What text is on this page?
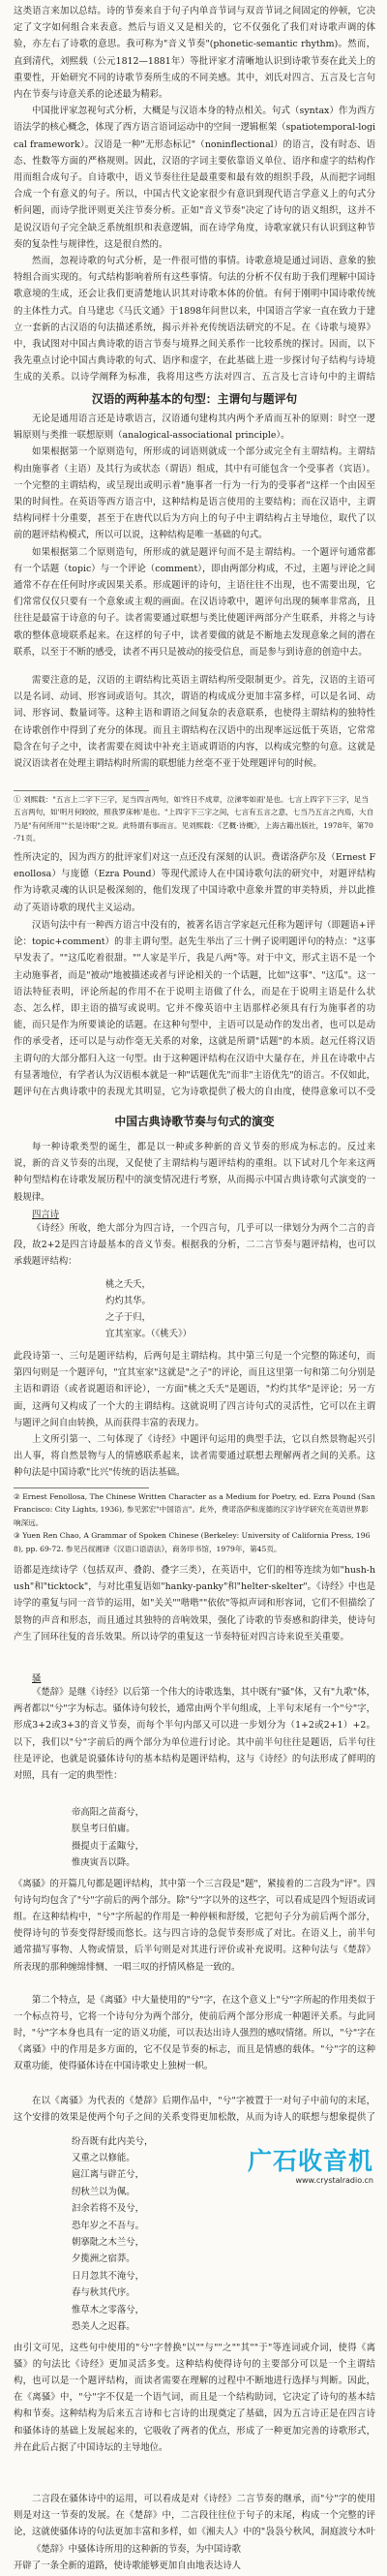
这类语言来加以总结。诗的节奏来自于句子内单音节词与双音节词之间固定的停顿，它决定了文字如何组合来表意。然后与语义又是相关的，它不仅强化了我们对诗歌声调的体验，亦左右了诗歌的意思。我可称为"音义节奏"(phonetic-semantic rhythm)。然而，直到清代，刘熙载（公元1812—1881年）等批评家才清晰地认识到诗歌节奏在此关上的重要性，开始研究不同的诗歌节奏所生成的不同美感。其中，刘氏对四言、五言及七言句内在节奏与诗意关系的论述最为精彩。

中国批评家忽视句式分析，大概是与汉语本身的特点相关。句式（syntax）作为西方语法学的核心概念，体现了西方语言语词运动中的空间一逻辑框架（spatiotemporal-logical framework）。汉语是一种"无形态标记"（noninflectional）的语言，没有时态、语态、性数等方面的严格规则。因此，汉语的字词主要依靠语义单位、语序和虚字的结构作用而组合成句子。自诗歌中，语义节奏往往是最重要和最有效的组织手段，从而把字词组合成一个有意义的句子。所以，中国古代文论家很少有意识到现代语言学意义上的句式分析问题，而诗学批评则更关注节奏分析。正如"音义节奏"决定了诗句的语义组织，这并不是说汉语句子完全缺乏系统组织和表意逻辑，而在诗学角度，诗歌家就只有认识到这种节奏的复杂性与规律性，这是很自然的。

然而，忽视诗歌的句式分析，是一件很可惜的事情。诗歌意境是通过词语、意象的独特组合而实现的。句式结构影响着所有这些事情。句法的分析不仅有助于我们理解中国诗歌意境的生成，还会让我们更清楚地认识其对诗歌本体的价值。有何于刚明中国诗歌传统的主体性力式。自马建忠《马氏文通》于1898年问世以来，中国语言学家一直在致力于建立一套新的古汉语的句法描述系统，揭示并补充传统语法研究的不足。在《诗歌与境界》中，我试图对中国古典诗歌的语言节奏与境界之间关系作一比较系统的探讨。因而，以下我先重点讨论中国古典诗歌的句式、语序和虚字，在此基础上进一步探讨句子结构与诗境生成的关系。以诗学阐释为标准，我将用这些方法对四言、五言及七言诗句中的主谓结

汉语的两种基本的句型：主谓句与题评句

无论是通用语言还是诗歌语言，汉语通句建构其内两个矛盾而互补的原则：时空一逻辑原则与类推一联想原则（analogical-associational principle）。

如果根据第一个原则造句，所形成的词语则就成一个部分或完全有主谓结构。主谓结构由施事者（主语）及其行为或状态（谓语）组成，其中有可能包含一个受事者（宾语）。一个完整的主谓结构，或呈现出或明示着"施事者一行为一行为的受事者"这样一个由因至果的时间性。在英语等西方语言中，这种结构是语言使用的主要结构；而在汉语中，主谓结构同样十分重要，甚至于在唐代以后为方向上的句子中主谓结构占主导地位，取代了以前的题评结构模式，所以可以说，这种结构是唯一基础的句式。

如果根据第二个原则造句，所形成的就是题评句而不是主谓结构。一个题评句通常都有一个话题（topic）与一个评论（comment），即由两部分构成，不过，主题与评论之间通常不存在任何时序或因果关系。形成题评的诗句，主语往往不出现，也不需要出现，它们常常仅仅只要有一个意象或主观的画面。在汉语诗歌中，题评句出现的频率非常高，且往往是最富于诗意的句子。读者需要通过联想与类比使题评两部分产生联系，并将之与诗歌的整体意境联系起来。在这样的句子中，读者要做的就是不断地去发现意象之间的潜在联系，以至于不断的感受，读者不再只是被动的接受信息，而是参与到诗意的创造中去。

需要注意的是，汉语的主谓结构比英语主谓结构所受限制更少。首先，汉语的主语可以是名词、动词、形容词或语句。其次，谓语的构成成分更加丰富多样，可以是名词、动词、形容词、数量词等。这种主语和谓语之间复杂的表意联系，也使得主谓结构的独特性在诗歌创作中得到了充分的体现。而且主谓结构在汉语中的出现率远远低于英语，它常常隐含在句子之中，读者需要在阅读中补充主语或谓语的内容，以构成完整的句意。这就是说汉语读者在处理主谓结构时所需的联想能力丝毫不亚于处理题评句的时候。

① 刘熙载："五言上二字下三字，足当四言两句，如'终日不成章，泣涕零如雨'是也。七言上四字下三字，足当五言两句，如'明月何皎皎，照我罗床帏'是也。"上四字下三字之间，七言有五言之意，七当乃五言之内焉，大自乃是"有何所用""长是诗眼"之说。此特谓有事而言。见刘熙载：《艺概·诗概》，上海古籍出版社，1978年，第70-71页。

性所决定的，因为西方的批评家们对这一点还没有深刻的认识。费诺洛萨尔及（Ernest Fenollosa）与庞德（Ezra Pound）等现代派诗人在中国诗歌句法的研究中，对题评结构作为诗歌灵魂的认识是极深刻的，他们发现了中国诗歌中意象并置的审美特质，并以此推动了英语诗歌的现代主义运动。

汉语句法中有一种西方语言中没有的，被著名语言学家赵元任称为题评句（即题语+评论：topic+comment）的非主谓句型。赵先生举出了三十例子说明题评句的特点："这事早发表了。""这瓜吃着很甜。""人家是半斤，我是八两"等。对于中文，形式主语不是一个主动施事者，而是"被动"地被描述或者与评论相关的一个话题，比如"这事"、"这瓜"。这一语法特征表明，评论所起的作用不在于说明主语做了什么，而是在于说明主语是什么状态、怎么样，即主语的描写或说明。它并不像英语中主语那样必须具有行为施事者的功能，而只是作为所要谈论的话题。在这种句型中，主语可以是动作的发出者，也可以是动作的承受者，还可以是与动作毫无关系的对象，这就是所谓"话题"的本质。赵元任将汉语主谓句的大部分都归入这一句型。由于这种题评结构在汉语中大量存在，并且在诗歌中占有显著地位，有学者认为汉语根本就是一种"话题优先"而非"主语优先"的语言。不仅如此，题评句在古典诗歌中的表现尤其明显，它为诗歌提供了极大的自由度，使得意象可以不受

中国古典诗歌节奏与句式的演变

每一种诗歌类型的诞生，都是以一种或多种新的音义节奏的形成为标志的。反过来说，新的音义节奏的出现，又促使了主谓结构与题评结构的重组。以下试对几个年来这两种句型结构在诗歌发展历程中的演变情况进行考察，从而揭示中国古典诗歌句式演变的一般规律。

四言诗

《诗经》所收，绝大部分为四言诗，一个四言句，几乎可以一律划分为两个二言的音段，故2+2是四言诗最基本的音义节奏。根据我的分析，二二言节奏与题评结构，也可以承载题评结构：

桃之夭夭，
灼灼其华。
之子于归，
宜其室家。（《桃夭》）

此段诗第一、三句是题评结构，后两句是主谓结构。其中第三句是一个完整的陈述句，而第四句则是一个题评句，"宜其室家"这就是"之子"的评论，而且这里第一句和第二句分别是主语和谓语（或者说题语和评论），一方面"桃之夭夭"是题语，"灼灼其华"是评论；另一方面，这两句又构成了一个大的主谓结构。这就说明了四言诗句式的灵活性，它可以在主谓与题评之间自由转换，从而获得丰富的表现力。

上文所引第一、二句体现了《诗经》中题评句运用的典型手法，它以自然景物起兴引出人事，将自然景物与人的情感联系起来，读者需要通过联想去理解两者之间的关系。这种句法是中国诗歌"比兴"传统的语法基础。

② Ernest Fenollosa, The Chinese Written Character as a Medium for Poetry, ed. Ezra Pound (San Francisco: City Lights, 1936), 参见郭宏"中国语言"。此外，费诺洛萨和庞德的汉字诗学研究在英语世界影响深远。

③ Yuen Ren Chao, A Grammar of Spoken Chinese (Berkeley: University of California Press, 1968), pp. 69-72. 参见吕叔湘译《汉语口语语法》，商务印书馆，1979年，第45页。

语都是连续诗学（包括双声、叠韵、叠字三类），在英语中，它们的相等连续为如"hush-hush"和"ticktock"，与对比重复语如"hanky-panky"和"helter-skelter"。《诗经》中也是诗学的重复与同一音节的运用，如"关关""喈喈""依依"等拟声词和形容词，它们不但描绘了景物的声音和形态，而且通过其独特的音响效果，强化了诗歌的节奏感和韵律美，使诗句产生了回环往复的音乐效果。所以诗学的重复这一节奏特征对四言诗来说至关重要。

骚

《楚辞》是继《诗经》以后第一个伟大的诗歌选集，其中既有"骚"体，又有"九歌"体，两者都以"兮"字为标志。骚体诗句较长，通常由两个半句组成，上半句末尾有一个"兮"字，形成3+2或3+3的音义节奏，而每个半句内部又可以进一步划分为（1+2或2+1）+2。以下，我们以"兮"字前后的两个部分为单位进行讨论。其中前半句往往是题语，后半句往往是评论，也就是说骚体诗句的基本结构是题评结构，这与《诗经》的句法形成了鲜明的对照，具有一定的典型性：

帝高阳之苗裔兮，
朕皇考曰伯庸。
摄提贞于孟陬兮，
惟庚寅吾以降。

《离骚》的开篇几句都是题评结构，其中第一个三言段是"题"，紧接着的二言段为"评"。四句诗句均包含了"兮"字前后的两个部分。除"兮"字以外的这些字，可以看成是四个短语或词组。在这种结构中，"兮"字所起的作用是一种停顿和舒缓，它把句子分为前后两个部分，使得诗句的节奏变得舒缓而悠长。这与四言诗的急促节奏形成了对比。在语义上，前半句通常描写事物、人物或情景，后半句则是对其进行评价或补充说明。这种句法与《楚辞》所表现的那种缠绵悱恻、一唱三叹的抒情风格是一致的。

第二个特点，是《离骚》中大量使用的"兮"字，在这个意义上"兮"字所起的作用类似于一个标点符号，它将一个诗句分为两个部分，使前后两个部分形成一种题评关系。与此同时，"兮"字本身也具有一定的语义功能，可以表达出诗人强烈的感叹情绪。所以，"兮"字在《离骚》中的作用是多方面的，它不仅是节奏的标志，而且是情感的载体。"兮"字的这种双重功能，使得骚体诗在中国诗歌史上独树一帜。

在以《离骚》为代表的《楚辞》后期作品中，"兮"字被置于一对句子中前句的末尾，这个安排的效果是使两个句子之间的关系变得更加松散，从而为诗人的联想与想象提供了

纷吾既有此内美兮，
又重之以修能。
扈江离与辟芷兮，
纫秋兰以为佩。
汩余若将不及兮，
恐年岁之不吾与。
朝搴阰之木兰兮，
夕揽洲之宿莽。
日月忽其不淹兮，
春与秋其代序。
惟草木之零落兮，
恐美人之迟暮。

由引文可见，这些句中使用的"兮"字替换"以""与""之""其""于"等连词或介词，使得《离骚》的句法比《诗经》更加灵活多变。这种结构使得诗句的主要部分可以是一个主谓结构，也可以是一个题评结构，而读者需要在理解的过程中不断地进行选择与判断。因此，在《离骚》中，"兮"字不仅是一个语气词，而且是一个结构助词，它决定了诗句的基本结构和节奏。这种结构为后来五言诗和七言诗的出现奠定了基础，因为五言诗正是在四言诗和骚体诗的基础上发展起来的，它吸收了两者的优点，形成了一种更加完善的诗歌形式，并在此后占据了中国诗坛的主导地位。

二言段在骚体诗中的运用，可以看成是对《诗经》二言节奏的继承，而"兮"字的使用则是对这一节奏的发展。在《楚辞》中，二言段往往位于句子的末尾，构成一个完整的评论，这就使骚体诗的句法更加丰富和多样，如《湘夫人》中的"袅袅兮秋风，洞庭波兮木叶

《楚辞》中骚体诗所用的这种新的节奏，为中国诗歌开辟了一条全新的道路，使诗歌能够更加自由地表达诗人

广石收音机
www.crystalradio.cn
